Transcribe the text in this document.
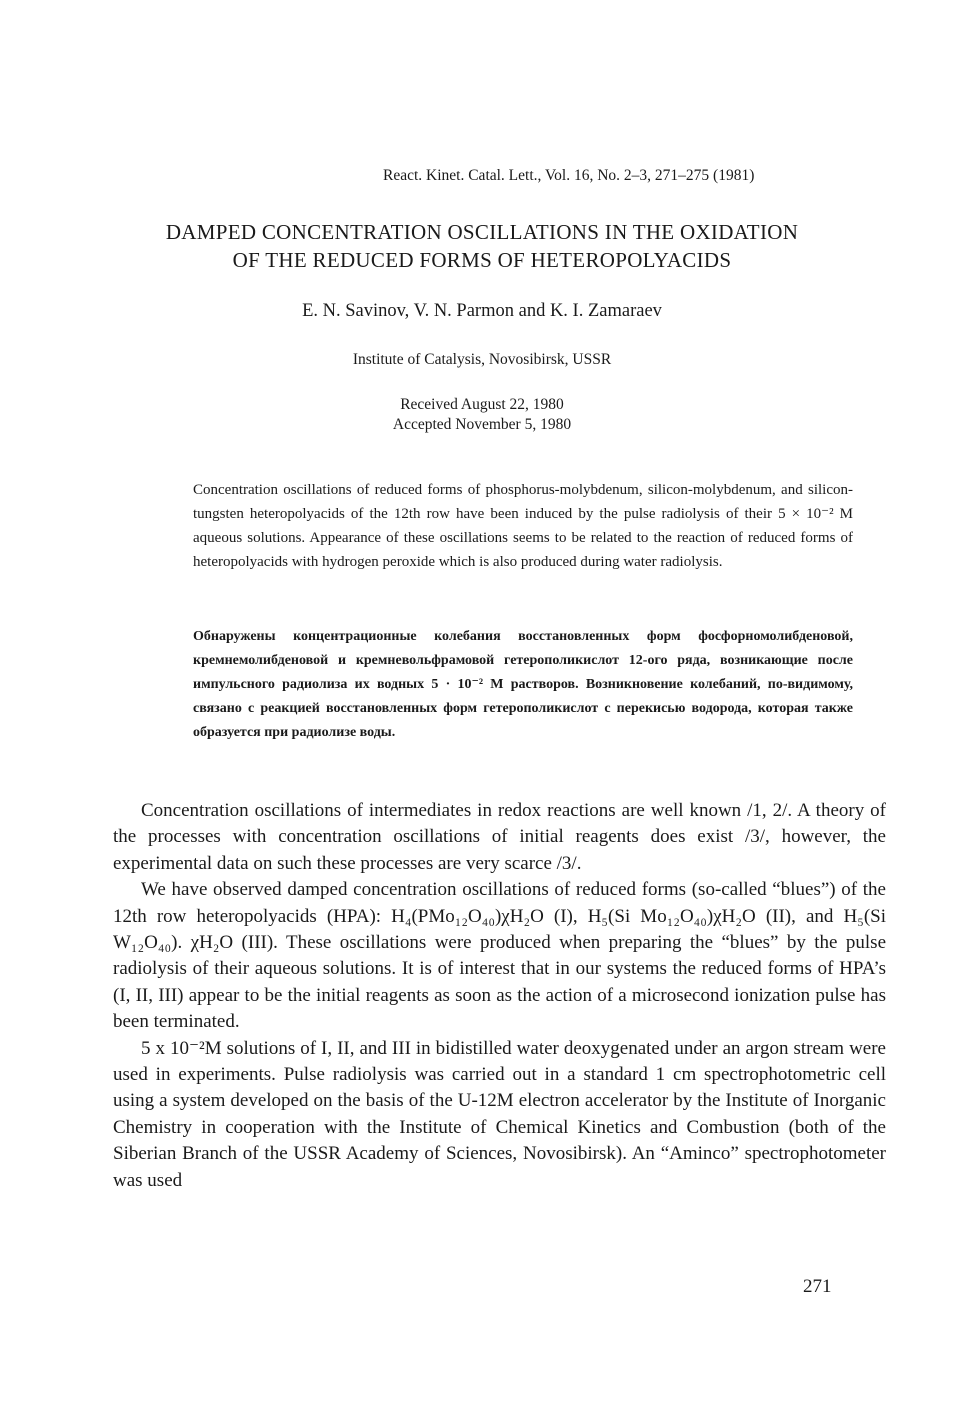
React. Kinet. Catal. Lett., Vol. 16, No. 2–3, 271–275 (1981)
DAMPED CONCENTRATION OSCILLATIONS IN THE OXIDATION
OF THE REDUCED FORMS OF HETEROPOLYACIDS
E. N. Savinov, V. N. Parmon and K. I. Zamaraev
Institute of Catalysis, Novosibirsk, USSR
Received August 22, 1980
Accepted November 5, 1980

Concentration oscillations of reduced forms of phosphorus-molybdenum, silicon-molybdenum, and silicon-tungsten heteropolyacids of the 12th row have been induced by the pulse radiolysis of their 5 × 10⁻² M aqueous solutions. Appearance of these oscillations seems to be related to the reaction of reduced forms of heteropolyacids with hydrogen peroxide which is also produced during water radiolysis.

Обнаружены концентрационные колебания восстановленных форм фосфорномолибденовой, кремнемолибденовой и кремневольфрамовой гетерополикислот 12-ого ряда, возникающие после импульсного радиолиза их водных 5 · 10⁻² M растворов. Возникновение колебаний, по-видимому, связано с реакцией восстановленных форм гетерополикислот с перекисью водорода, которая также образуется при радиолизе воды.

Concentration oscillations of intermediates in redox reactions are well known /1, 2/. A theory of the processes with concentration oscillations of initial reagents does exist /3/, however, the experimental data on such these processes are very scarce /3/.

We have observed damped concentration oscillations of reduced forms (so-called “blues”) of the 12th row heteropolyacids (HPA): H₄(PMo₁₂O₄₀)χH₂O (I), H₅(Si Mo₁₂O₄₀)χH₂O (II), and H₅(Si W₁₂O₄₀). χH₂O (III). These oscillations were produced when preparing the “blues” by the pulse radiolysis of their aqueous solutions. It is of interest that in our systems the reduced forms of HPA’s (I, II, III) appear to be the initial reagents as soon as the action of a microsecond ionization pulse has been terminated.

5 x 10⁻²M solutions of I, II, and III in bidistilled water deoxygenated under an argon stream were used in experiments. Pulse radiolysis was carried out in a standard 1 cm spectrophotometric cell using a system developed on the basis of the U-12M electron accelerator by the Institute of Inorganic Chemistry in cooperation with the Institute of Chemical Kinetics and Combustion (both of the Siberian Branch of the USSR Academy of Sciences, Novosibirsk). An “Aminco” spectrophotometer was used

271
